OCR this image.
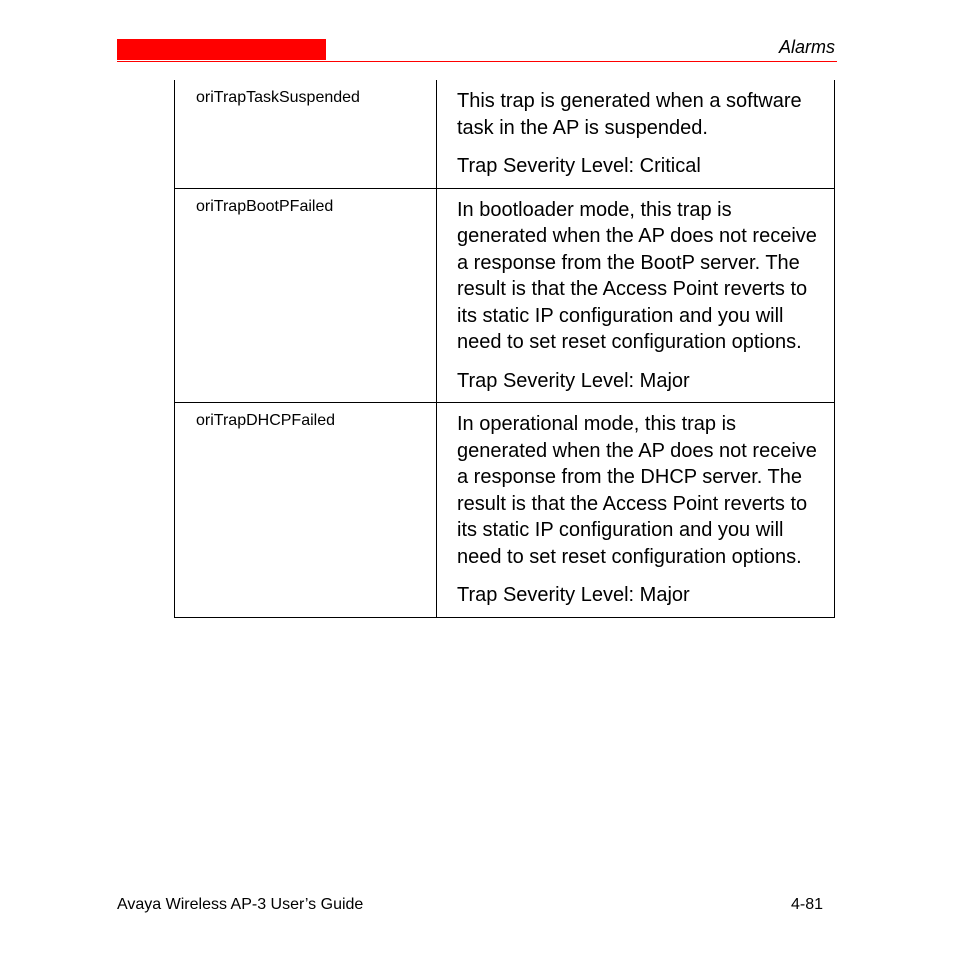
Alarms
oriTrapTaskSuspended	This trap is generated when a software task in the AP is suspended.
Trap Severity Level: Critical

oriTrapBootPFailed	In bootloader mode, this trap is generated when the AP does not receive a response from the BootP server. The result is that the Access Point reverts to its static IP configuration and you will need to set reset configuration options.
Trap Severity Level: Major

oriTrapDHCPFailed	In operational mode, this trap is generated when the AP does not receive a response from the DHCP server. The result is that the Access Point reverts to its static IP configuration and you will need to set reset configuration options.
Trap Severity Level: Major
Avaya Wireless AP-3 User’s Guide	4-81
